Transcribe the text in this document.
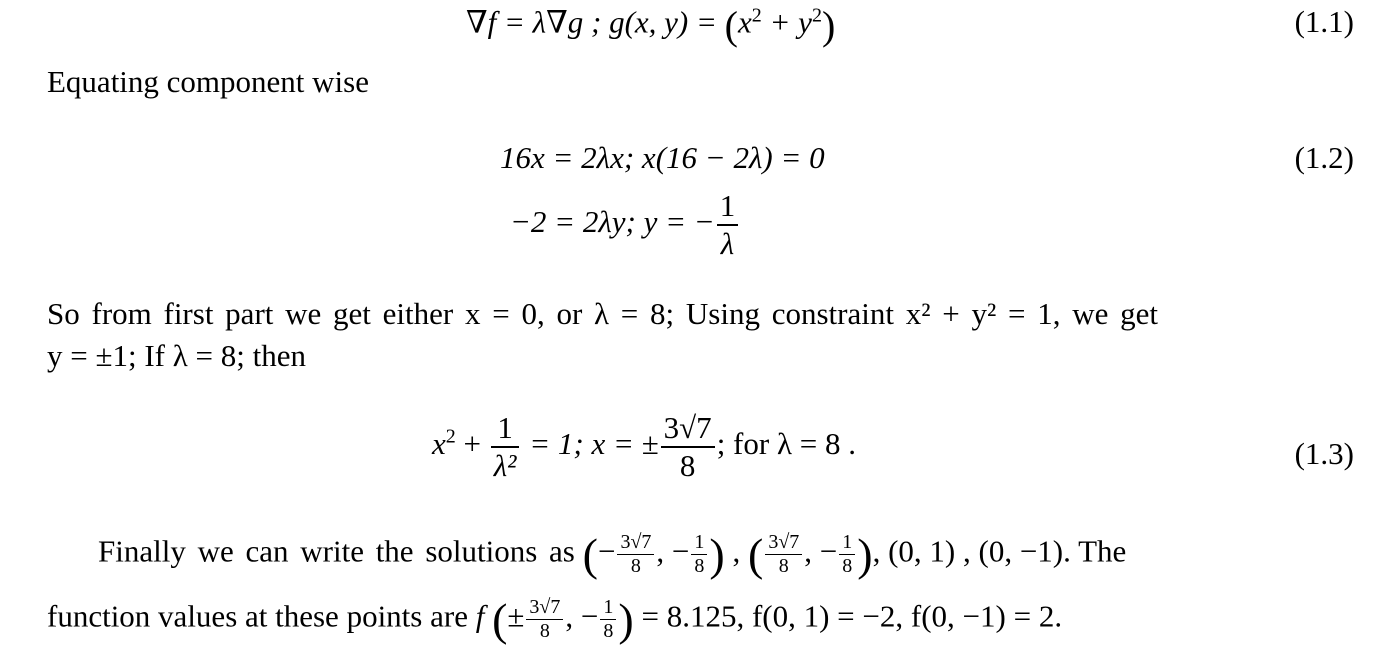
∇f = λ∇g ; g(x, $y) = (x^2 + y^2)$	(1.1)
Equating component wise
16x = 2λx; x(16 − 2λ) = 0	(1.2)
−2 = 2λy; y = − $\frac{1}{\lambda}$
So from first part we get either x = 0, or λ = 8; Using constraint x² + y² = 1, we get
y = ±1; If λ = 8; then
$x^2 + \frac{1}{\text{λ²}} = 1$; x = ± $\frac{3√7}{8}$ ; for λ = 8 .	(1.3)
Finally we can write the solutions as (− $\frac{3√7}{8}$ , − $\frac{1}{8}$ ) , ( $\frac{3√7}{8}$ , − $\frac{1}{8}$ ), (0, 1) , (0, −1). The
function values at these points are f (± $\frac{3√7}{8}$ , − $\frac{1}{8}$ ) = 8.125, f(0, 1) = −2, f(0, −1) = 2.
